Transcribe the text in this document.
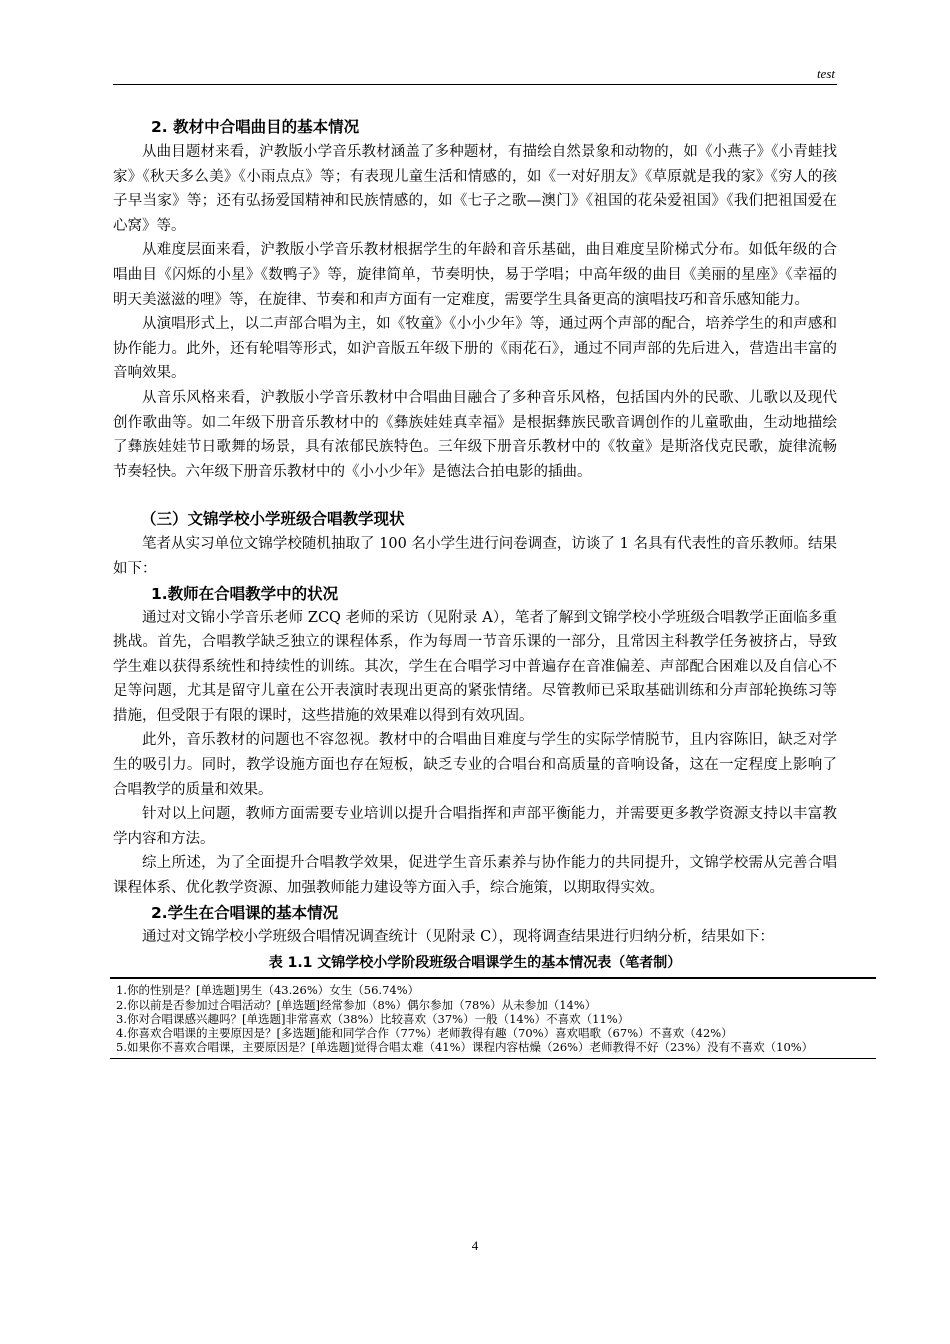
test

2. 教材中合唱曲目的基本情况

从曲目题材来看，沪教版小学音乐教材涵盖了多种题材，有描绘自然景象和动物的，如《小燕子》《小青蛙找家》《秋天多么美》《小雨点点》等；有表现儿童生活和情感的，如《一对好朋友》《草原就是我的家》《穷人的孩子早当家》等；还有弘扬爱国精神和民族情感的，如《七子之歌—澳门》《祖国的花朵爱祖国》《我们把祖国爱在心窝》等。

从难度层面来看，沪教版小学音乐教材根据学生的年龄和音乐基础，曲目难度呈阶梯式分布。如低年级的合唱曲目《闪烁的小星》《数鸭子》等，旋律简单，节奏明快，易于学唱；中高年级的曲目《美丽的星座》《幸福的明天美滋滋的哩》等，在旋律、节奏和和声方面有一定难度，需要学生具备更高的演唱技巧和音乐感知能力。

从演唱形式上，以二声部合唱为主，如《牧童》《小小少年》等，通过两个声部的配合，培养学生的和声感和协作能力。此外，还有轮唱等形式，如沪音版五年级下册的《雨花石》，通过不同声部的先后进入，营造出丰富的音响效果。

从音乐风格来看，沪教版小学音乐教材中合唱曲目融合了多种音乐风格，包括国内外的民歌、儿歌以及现代创作歌曲等。如二年级下册音乐教材中的《彝族娃娃真幸福》是根据彝族民歌音调创作的儿童歌曲，生动地描绘了彝族娃娃节日歌舞的场景，具有浓郁民族特色。三年级下册音乐教材中的《牧童》是斯洛伐克民歌，旋律流畅节奏轻快。六年级下册音乐教材中的《小小少年》是德法合拍电影的插曲。

（三）文锦学校小学班级合唱教学现状

笔者从实习单位文锦学校随机抽取了 100 名小学生进行问卷调查，访谈了 1 名具有代表性的音乐教师。结果如下：

1.教师在合唱教学中的状况

通过对文锦小学音乐老师 ZCQ 老师的采访（见附录 A），笔者了解到文锦学校小学班级合唱教学正面临多重挑战。首先，合唱教学缺乏独立的课程体系，作为每周一节音乐课的一部分，且常因主科教学任务被挤占，导致学生难以获得系统性和持续性的训练。其次，学生在合唱学习中普遍存在音准偏差、声部配合困难以及自信心不足等问题，尤其是留守儿童在公开表演时表现出更高的紧张情绪。尽管教师已采取基础训练和分声部轮换练习等措施，但受限于有限的课时，这些措施的效果难以得到有效巩固。

此外，音乐教材的问题也不容忽视。教材中的合唱曲目难度与学生的实际学情脱节，且内容陈旧，缺乏对学生的吸引力。同时，教学设施方面也存在短板，缺乏专业的合唱台和高质量的音响设备，这在一定程度上影响了合唱教学的质量和效果。

针对以上问题，教师方面需要专业培训以提升合唱指挥和声部平衡能力，并需要更多教学资源支持以丰富教学内容和方法。

综上所述，为了全面提升合唱教学效果，促进学生音乐素养与协作能力的共同提升，文锦学校需从完善合唱课程体系、优化教学资源、加强教师能力建设等方面入手，综合施策，以期取得实效。

2.学生在合唱课的基本情况

通过对文锦学校小学班级合唱情况调查统计（见附录 C），现将调查结果进行归纳分析，结果如下：

表 1.1 文锦学校小学阶段班级合唱课学生的基本情况表（笔者制）

1.你的性别是？[单选题]男生（43.26%）女生（56.74%）

2.你以前是否参加过合唱活动？[单选题]经常参加（8%）偶尔参加（78%）从未参加（14%）

3.你对合唱课感兴趣吗？[单选题]非常喜欢（38%）比较喜欢（37%）一般（14%）不喜欢（11%）

4.你喜欢合唱课的主要原因是？[多选题]能和同学合作（77%）老师教得有趣（70%）喜欢唱歌（67%）不喜欢（42%）

5.如果你不喜欢合唱课，主要原因是？[单选题]觉得合唱太难（41%）课程内容枯燥（26%）老师教得不好（23%）没有不喜欢（10%）

4
